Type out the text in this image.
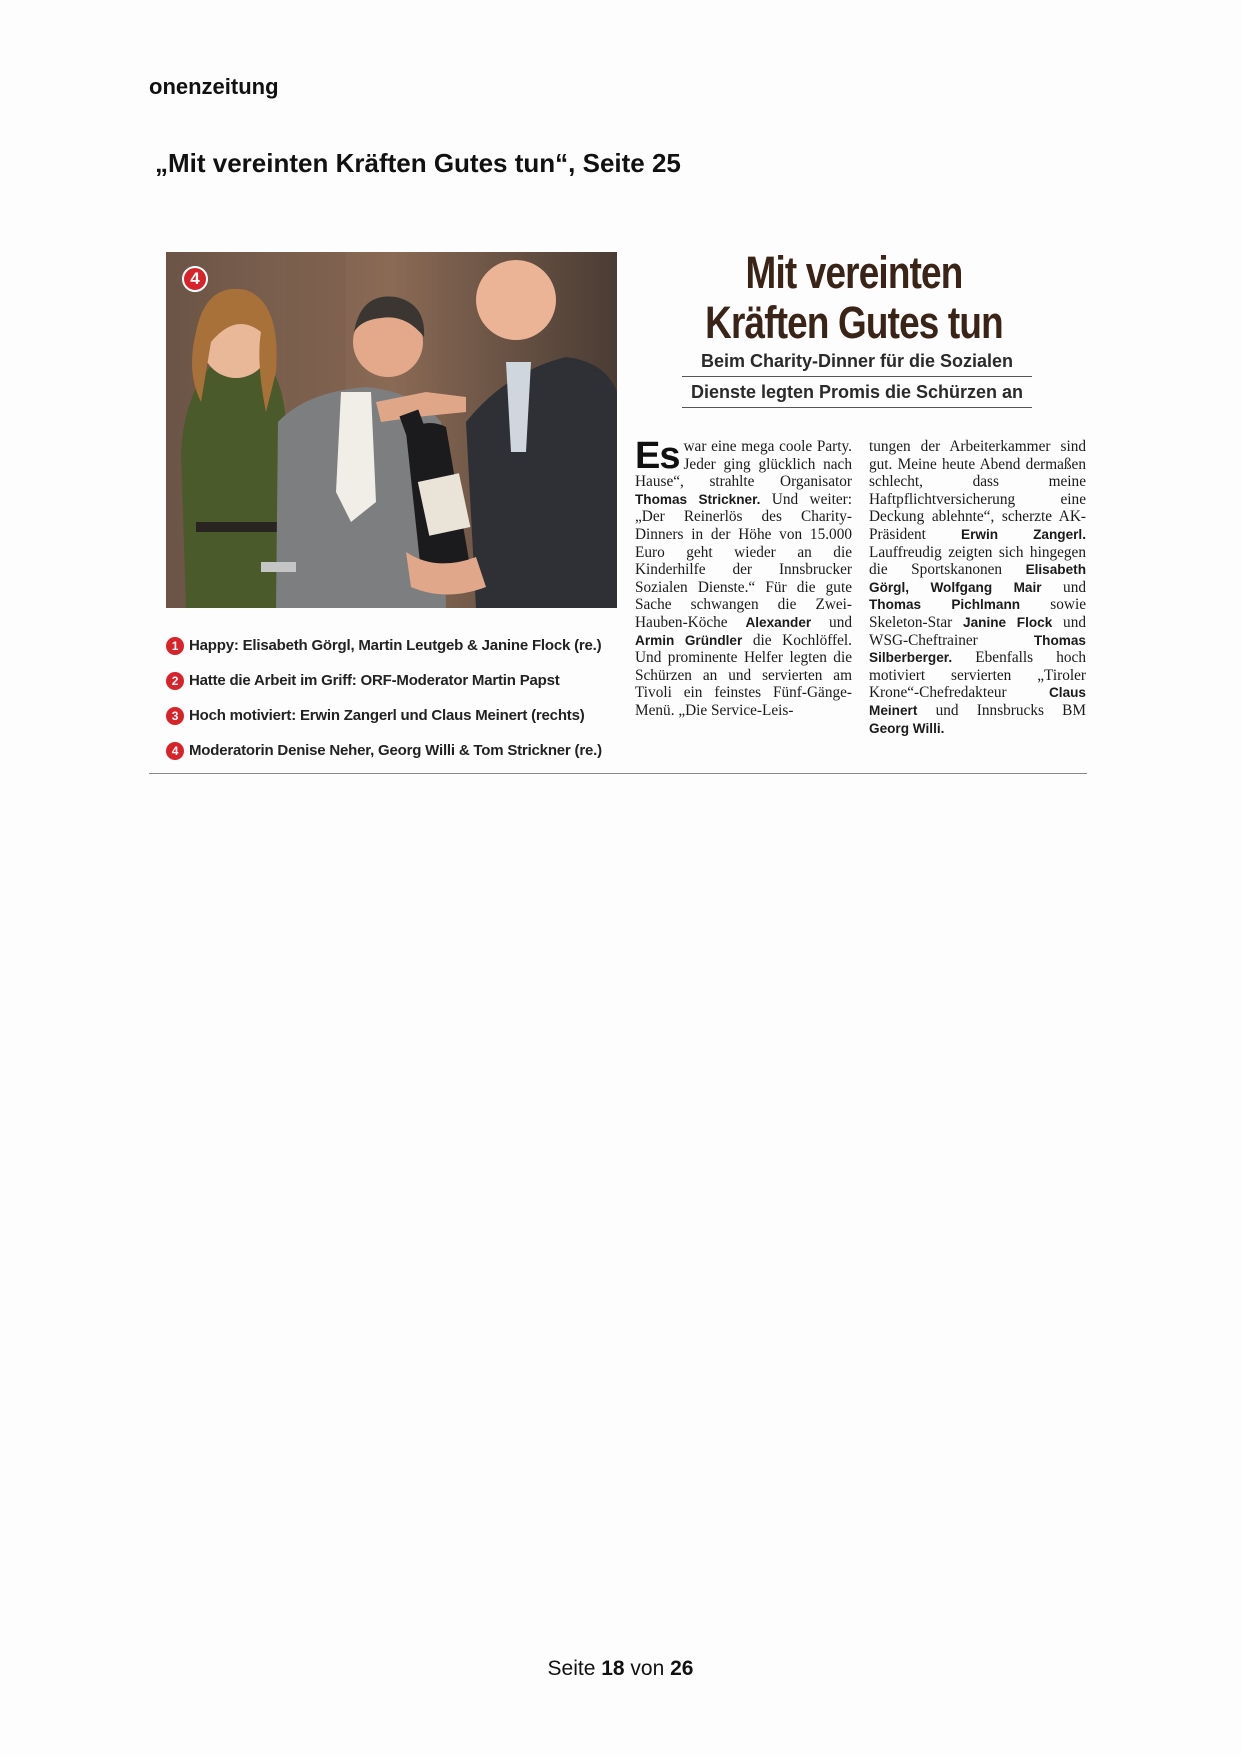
onenzeitung
„Mit vereinten Kräften Gutes tun“, Seite 25
4
1 Happy: Elisabeth Görgl, Martin Leutgeb & Janine Flock (re.)
2 Hatte die Arbeit im Griff: ORF-Moderator Martin Papst
3 Hoch motiviert: Erwin Zangerl und Claus Meinert (rechts)
4 Moderatorin Denise Neher, Georg Willi & Tom Strickner (re.)
Mit vereinten
Kräften Gutes tun
Beim Charity-Dinner für die Sozialen
Dienste legten Promis die Schürzen an
Es war eine mega coole Party. Jeder ging glücklich nach Hause“, strahlte Organisator Thomas Strickner. Und weiter: „Der Reinerlös des Charity-Dinners in der Höhe von 15.000 Euro geht wieder an die Kinderhilfe der Innsbrucker Sozialen Dienste.“ Für die gute Sache schwangen die Zwei-Hauben-Köche Alexander und Armin Gründler die Kochlöffel. Und prominente Helfer legten die Schürzen an und servierten am Tivoli ein feinstes Fünf-Gänge-Menü. „Die Service-Leis-
tungen der Arbeiterkammer sind gut. Meine heute Abend dermaßen schlecht, dass meine Haftpflichtversicherung eine Deckung ablehnte“, scherzte AK-Präsident Erwin Zangerl. Lauffreudig zeigten sich hingegen die Sportskanonen Elisabeth Görgl, Wolfgang Mair und Thomas Pichlmann sowie Skeleton-Star Janine Flock und WSG-Cheftrainer Thomas Silberberger. Ebenfalls hoch motiviert servierten „Tiroler Krone“-Chefredakteur Claus Meinert und Innsbrucks BM Georg Willi.
Seite 18 von 26
